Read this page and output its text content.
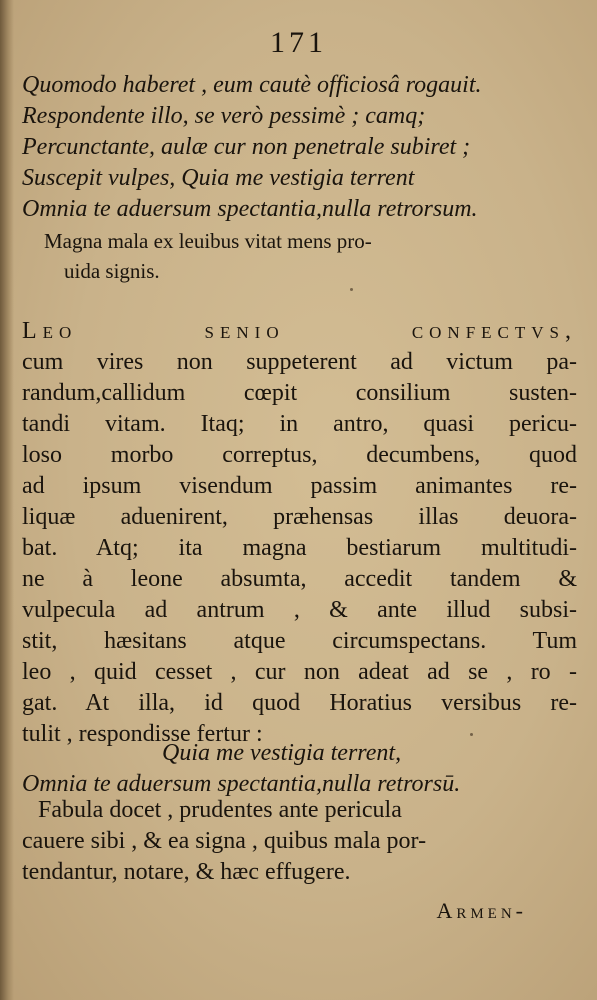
171
Quomodo haberet , eum cautè officiosâ rogauit.
Respondente illo, se verò pessimè ; camq;
Percunctante, aulæ cur non penetrale subiret ;
Suscepit vulpes, Quia me vestigia terrent
Omnia te aduersum spectantia,nulla retrorsum.
Magna mala ex leuibus vitat mens pro-
uida signis.
Leo senio confectvs,
cum vires non suppeterent ad victum pa-
randum,callidum cœpit consilium susten-
tandi vitam. Itaq; in antro, quasi pericu-
loso morbo correptus, decumbens, quod
ad ipsum visendum passim animantes re-
liquæ aduenirent, præhensas illas deuora-
bat. Atq; ita magna bestiarum multitudi-
ne à leone absumta, accedit tandem &
vulpecula ad antrum , & ante illud subsi-
stit, hæsitans atque circumspectans. Tum
leo , quid cesset , cur non adeat ad se , ro -
gat. At illa, id quod Horatius versibus re-
tulit , respondisse fertur :
Quia me vestigia terrent,
Omnia te aduersum spectantia,nulla retrorsū.
Fabula docet , prudentes ante pericula
cauere sibi , & ea signa , quibus mala por-
tendantur, notare, & hæc effugere.
Armen-
